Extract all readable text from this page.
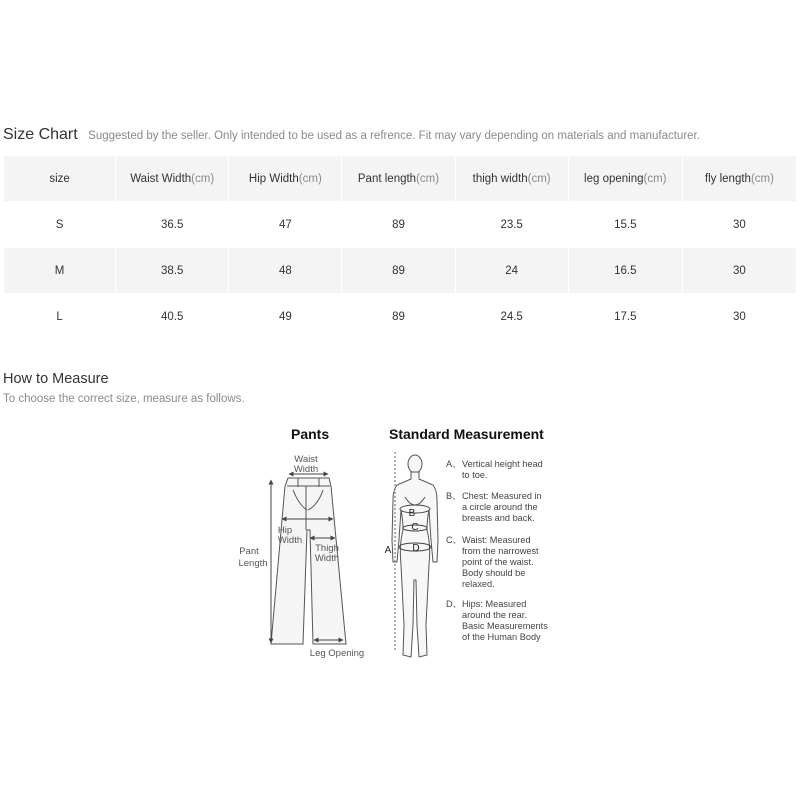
Size Chart Suggested by the seller. Only intended to be used as a refrence. Fit may vary depending on materials and manufacturer.
size	Waist Width(cm)	Hip Width(cm)	Pant length(cm)	thigh width(cm)	leg opening(cm)	fly length(cm)
S	36.5	47	89	23.5	15.5	30
M	38.5	48	89	24	16.5	30
L	40.5	49	89	24.5	17.5	30
How to Measure
To choose the correct size, measure as follows.
Pants
Waist
Width
Hip
Width
Thigh
Width
Pant
Length
Leg Opening
Standard Measurement
B
C
D
A
A、 Vertical height head
to toe.
B、 Chest: Measured in
a circle around the
breasts and back.
C、 Waist: Measured
from the narrowest
point of the waist.
Body should be
relaxed.
D、 Hips: Measured
around the rear.
Basic Measurements
of the Human Body
